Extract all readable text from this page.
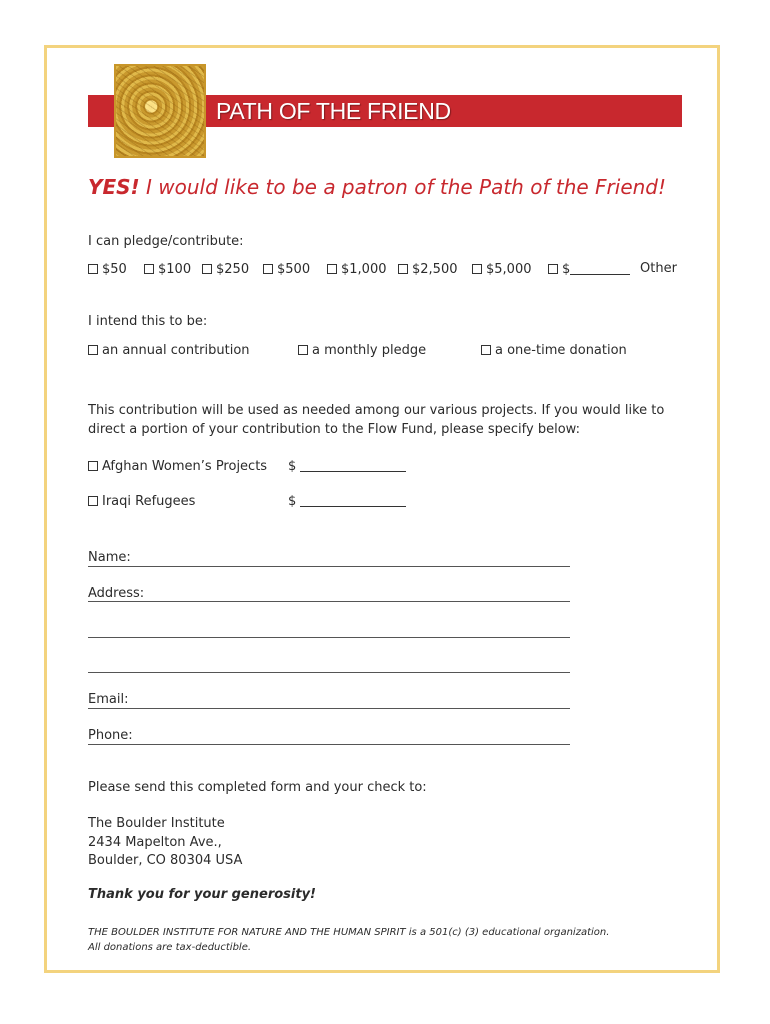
PATH OF THE FRIEND
YES! I would like to be a patron of the Path of the Friend!
I can pledge/contribute:
$50	$100	$250	$500	$1,000	$2,500	$5,000	$	Other
I intend this to be:
an annual contribution	a monthly pledge	a one-time donation
This contribution will be used as needed among our various projects. If you would like to direct a portion of your contribution to the Flow Fund, please specify below:
Afghan Women’s Projects $
Iraqi Refugees	$
Name:
Address:
Email:
Phone:
Please send this completed form and your check to:
The Boulder Institute
2434 Mapelton Ave.,
Boulder, CO 80304 USA
Thank you for your generosity!
THE BOULDER INSTITUTE FOR NATURE AND THE HUMAN SPIRIT is a 501(c) (3) educational organization.
All donations are tax-deductible.
